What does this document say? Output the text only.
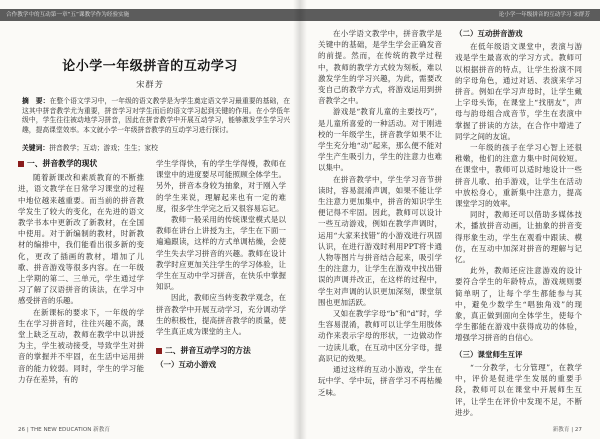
合作教学中的互动第一章“五”课教学作为经验实施
论小学一年级拼音的互动学习
宋群芳

摘　要：在整个语文学习中，一年级的语文教学是为学生奠定语文学习最重要的基础，在这其中拼音教学尤为重要，拼音学习对学生而后的语文学习起到关键的作用。在小学低年级中，学生往往被动地学习拼音，因此在拼音教学中开展互动学习，能够激发学生学习兴趣，提高课堂效率。本文就小学一年级拼音教学的互动学习进行探讨。

关键词：拼音教学；互动；游戏；生生；家校

一、拼音教学的现状

随着新课改和素质教育的不断推进，语文教学在日常学习课堂的过程中地位越来越重要。而当前的拼音教学发生了较大的变化，在先进的语文教学书本中更新改了新教材，在全国中使用。对于新编制的教材，时新教材的编排中，我们能看出很多新的变化，更改了插画的教材，增加了儿歌、拼音游戏等很多内容。在一年级上学期的第二、三单元，学生通过学习了解了汉语拼音的读法，在学习中感受拼音的乐趣。

在新课标的要求下，一年级的学生在学习拼音时，往往兴趣不高，课堂上缺乏互动，教师在教学中以讲授为主，学生被动接受，导致学生对拼音的掌握并不牢固，在生活中运用拼音的能力较弱。同时，学生的学习能力存在差异，有的

学生学得快，有的学生学得慢，教师在课堂中的进度要尽可能照顾全体学生。另外，拼音本身较为抽象，对于刚入学的学生来说，理解起来也有一定的难度，很多学生学完之后又很容易忘记。

教师一般采用的传统课堂模式是以教师在讲台上讲授为主，学生在下面一遍遍跟读，这样的方式单调枯燥，会使学生失去学习拼音的兴趣。教师在设计教学时应更加关注学生的学习体验，让学生在互动中学习拼音，在快乐中掌握知识。

因此，教师应当转变教学观念，在拼音教学中开展互动学习，充分调动学生的积极性，提高拼音教学的质量，使学生真正成为课堂的主人。

二、拼音互动学习的方法
（一）互动小游戏
26 | THE NEW EDUCATION 新教育
论小学一年级拼音的互动学习 宋群芳

在小学语文教学中，拼音教学是关键中的基础，是学生学会正确发音的前提。然而，在传统的教学过程中，教师的教学方式较为刻板，难以激发学生的学习兴趣，为此，需要改变自己的教学方式，将游戏运用到拼音教学之中。

游戏是“教育儿童的主要技巧”，是儿童所喜爱的一种活动。对于刚进校的一年级学生，拼音教学如果不让学生充分地“动”起来，那么便不能对学生产生吸引力，学生的注意力也难以集中。

在拼音教学中，学生学习音节拼读时，容易混淆声调，如果不能让学生注意力更加集中，拼音的知识学生便记得不牢固。因此，教师可以设计一些互动游戏，例如在教学声调时，运用“大家来找错”的小游戏进行巩固认识，在进行游戏时利用PPT将卡通人物等图片与拼音结合起来，吸引学生的注意力，让学生在游戏中找出错误的声调并改正，在这样的过程中，学生对声调的认识更加深刻，课堂氛围也更加活跃。

又如在教学字母“b”和“d”时，学生容易混淆，教师可以让学生用肢体动作来表示字母的形状，一边做动作一边读儿歌，在互动中区分字母，提高识记的效果。

通过这样的互动小游戏，学生在玩中学、学中玩，拼音学习不再枯燥乏味。

（二）互动拼音游戏

在低年级语文课堂中，表演与游戏是学生最喜欢的学习方式。教师可以根据拼音的特点，让学生扮演不同的字母角色，通过对话、表演来学习拼音。例如在学习声母时，让学生戴上字母头饰，在课堂上“找朋友”，声母与韵母组合成音节，学生在表演中掌握了拼读的方法，在合作中增进了同学之间的友谊。

一年级的孩子在学习心智上还很稚嫩，他们的注意力集中时间较短。在课堂中，教师可以适时地设计一些拼音儿歌、拍手游戏，让学生在活动中放松身心，重新集中注意力，提高课堂学习的效率。

同时，教师还可以借助多媒体技术，播放拼音动画，让抽象的拼音变得形象生动，学生在观看中跟读、模仿，在互动中加深对拼音的理解与记忆。

此外，教师还应注意游戏的设计要符合学生的年龄特点，游戏规则要简单明了，让每个学生都能参与其中，避免少数学生“唱独角戏”的现象，真正做到面向全体学生，使每个学生都能在游戏中获得成功的体验，增强学习拼音的自信心。

（三）课堂师生互评

“一分教学，七分管理”，在教学中，评价是促进学生发展的重要手段，教师可以在课堂中开展师生互评，让学生在评价中发现不足，不断进步。

新教育 | 27
